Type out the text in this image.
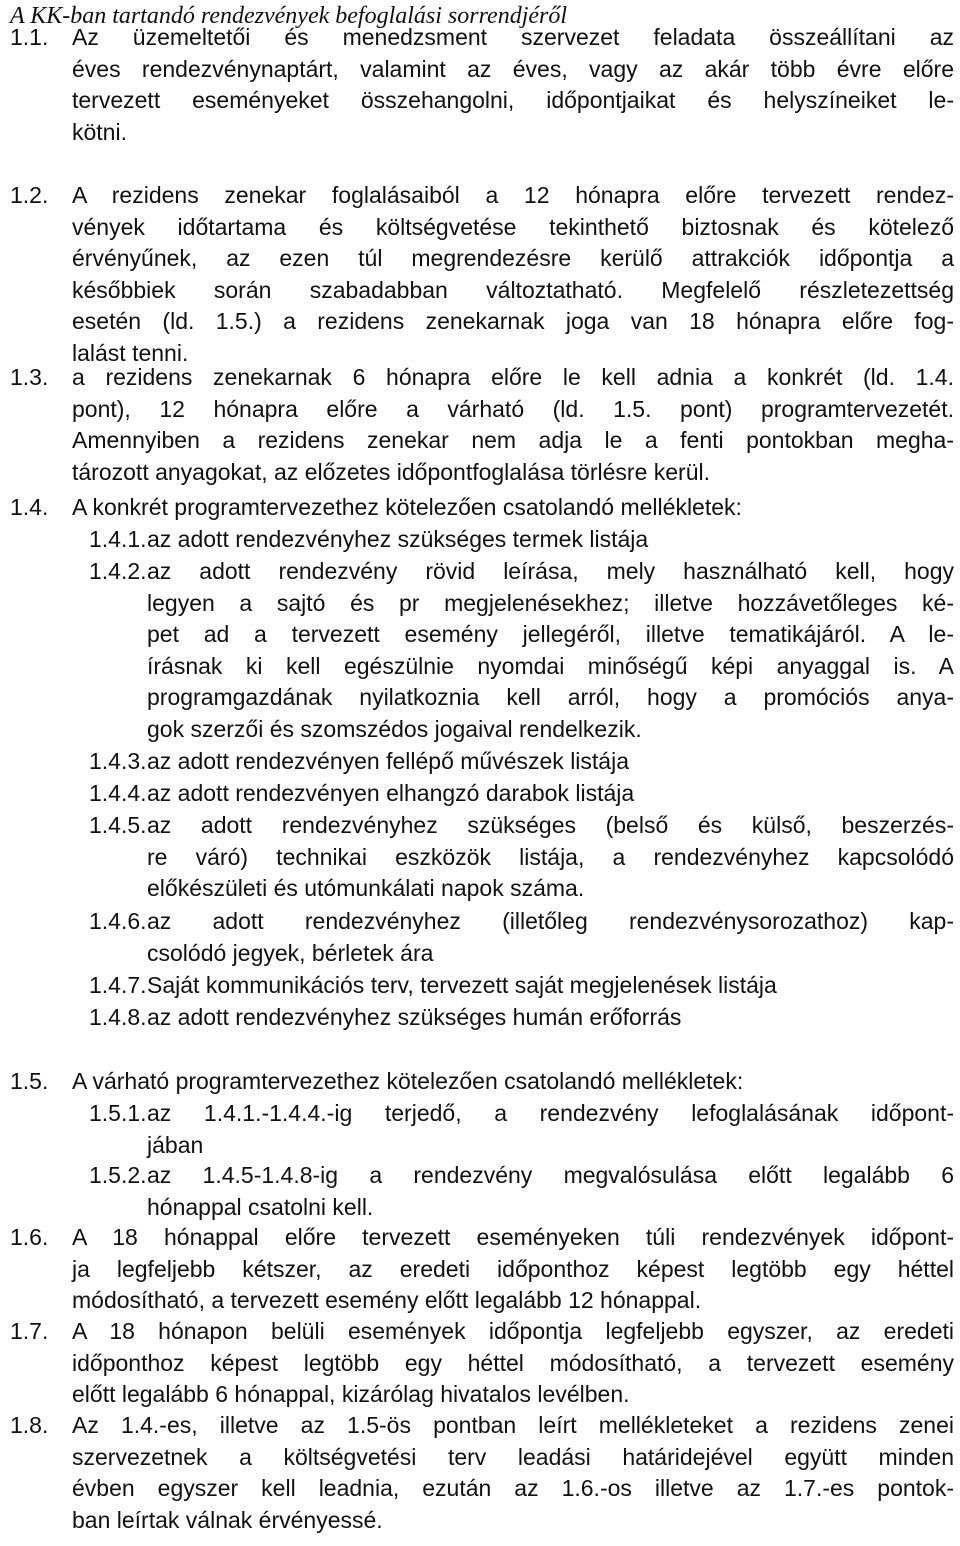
A KK-ban tartandó rendezvények befoglalási sorrendjéről
1.1. Az üzemeltetői és menedzsment szervezet feladata összeállítani az
éves rendezvénynaptárt, valamint az éves, vagy az akár több évre előre
tervezett eseményeket összehangolni, időpontjaikat és helyszíneiket le-
kötni.
1.2. A rezidens zenekar foglalásaiból a 12 hónapra előre tervezett rendez-
vények időtartama és költségvetése tekinthető biztosnak és kötelező
érvényűnek, az ezen túl megrendezésre kerülő attrakciók időpontja a
későbbiek során szabadabban változtatható. Megfelelő részletezettség
esetén (ld. 1.5.) a rezidens zenekarnak joga van 18 hónapra előre fog-
lalást tenni.
1.3. a rezidens zenekarnak 6 hónapra előre le kell adnia a konkrét (ld. 1.4.
pont), 12 hónapra előre a várható (ld. 1.5. pont) programtervezetét.
Amennyiben a rezidens zenekar nem adja le a fenti pontokban megha-
tározott anyagokat, az előzetes időpontfoglalása törlésre kerül.
1.4. A konkrét programtervezethez kötelezően csatolandó mellékletek:
1.4.1. az adott rendezvényhez szükséges termek listája
1.4.2. az adott rendezvény rövid leírása, mely használható kell, hogy
legyen a sajtó és pr megjelenésekhez; illetve hozzávetőleges ké-
pet ad a tervezett esemény jellegéről, illetve tematikájáról. A le-
írásnak ki kell egészülnie nyomdai minőségű képi anyaggal is. A
programgazdának nyilatkoznia kell arról, hogy a promóciós anya-
gok szerzői és szomszédos jogaival rendelkezik.
1.4.3. az adott rendezvényen fellépő művészek listája
1.4.4. az adott rendezvényen elhangzó darabok listája
1.4.5. az adott rendezvényhez szükséges (belső és külső, beszerzés-
re váró) technikai eszközök listája, a rendezvényhez kapcsolódó
előkészületi és utómunkálati napok száma.
1.4.6. az adott rendezvényhez (illetőleg rendezvénysorozathoz) kap-
csolódó jegyek, bérletek ára
1.4.7. Saját kommunikációs terv, tervezett saját megjelenések listája
1.4.8. az adott rendezvényhez szükséges humán erőforrás
1.5. A várható programtervezethez kötelezően csatolandó mellékletek:
1.5.1. az 1.4.1.-1.4.4.-ig terjedő, a rendezvény lefoglalásának időpont-
jában
1.5.2. az 1.4.5-1.4.8-ig a rendezvény megvalósulása előtt legalább 6
hónappal csatolni kell.
1.6. A 18 hónappal előre tervezett eseményeken túli rendezvények időpont-
ja legfeljebb kétszer, az eredeti időponthoz képest legtöbb egy héttel
módosítható, a tervezett esemény előtt legalább 12 hónappal.
1.7. A 18 hónapon belüli események időpontja legfeljebb egyszer, az eredeti
időponthoz képest legtöbb egy héttel módosítható, a tervezett esemény
előtt legalább 6 hónappal, kizárólag hivatalos levélben.
1.8. Az 1.4.-es, illetve az 1.5-ös pontban leírt mellékleteket a rezidens zenei
szervezetnek a költségvetési terv leadási határidejével együtt minden
évben egyszer kell leadnia, ezután az 1.6.-os illetve az 1.7.-es pontok-
ban leírtak válnak érvényessé.
